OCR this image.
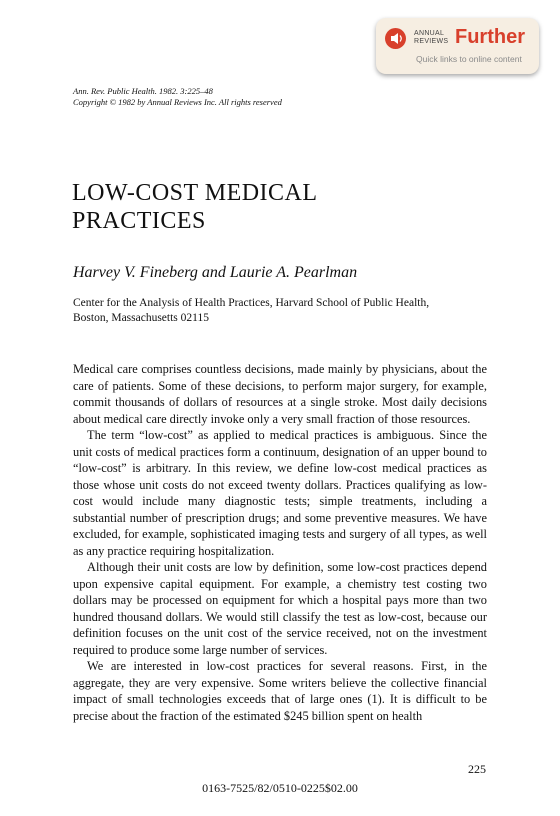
ANNUAL
REVIEWS Further
Quick links to online content
Ann. Rev. Public Health. 1982. 3:225–48
Copyright © 1982 by Annual Reviews Inc. All rights reserved
LOW-COST MEDICAL
PRACTICES
Harvey V. Fineberg and Laurie A. Pearlman
Center for the Analysis of Health Practices, Harvard School of Public Health,
Boston, Massachusetts 02115

Medical care comprises countless decisions, made mainly by physicians, about the care of patients. Some of these decisions, to perform major surgery, for example, commit thousands of dollars of resources at a single stroke. Most daily decisions about medical care directly invoke only a very small fraction of those resources.

The term “low-cost” as applied to medical practices is ambiguous. Since the unit costs of medical practices form a continuum, designation of an upper bound to “low-cost” is arbitrary. In this review, we define low-cost medical practices as those whose unit costs do not exceed twenty dollars. Practices qualifying as low-cost would include many diagnostic tests; simple treatments, including a substantial number of prescription drugs; and some preventive measures. We have excluded, for example, sophisticated imaging tests and surgery of all types, as well as any practice requiring hospitalization.

Although their unit costs are low by definition, some low-cost practices depend upon expensive capital equipment. For example, a chemistry test costing two dollars may be processed on equipment for which a hospital pays more than two hundred thousand dollars. We would still classify the test as low-cost, because our definition focuses on the unit cost of the service received, not on the investment required to produce some large number of services.

We are interested in low-cost practices for several reasons. First, in the aggregate, they are very expensive. Some writers believe the collective financial impact of small technologies exceeds that of large ones (1). It is difficult to be precise about the fraction of the estimated $245 billion spent on health

225
0163-7525/82/0510-0225$02.00
